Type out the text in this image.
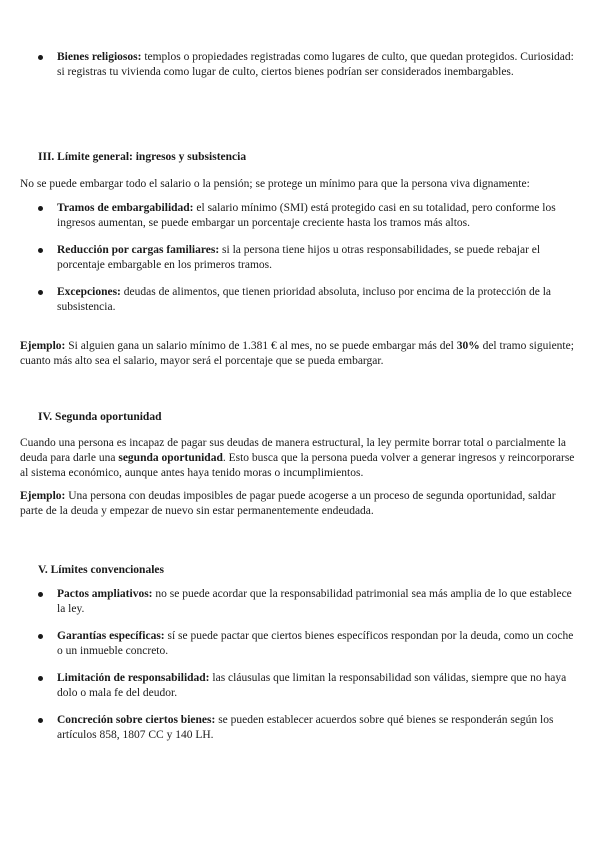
Bienes religiosos: templos o propiedades registradas como lugares de culto, que quedan protegidos. Curiosidad: si registras tu vivienda como lugar de culto, ciertos bienes podrían ser considerados inembargables.
III. Límite general: ingresos y subsistencia

No se puede embargar todo el salario o la pensión; se protege un mínimo para que la persona viva dignamente:

Tramos de embargabilidad: el salario mínimo (SMI) está protegido casi en su totalidad, pero conforme los ingresos aumentan, se puede embargar un porcentaje creciente hasta los tramos más altos.
Reducción por cargas familiares: si la persona tiene hijos u otras responsabilidades, se puede rebajar el porcentaje embargable en los primeros tramos.
Excepciones: deudas de alimentos, que tienen prioridad absoluta, incluso por encima de la protección de la subsistencia.

Ejemplo: Si alguien gana un salario mínimo de 1.381 € al mes, no se puede embargar más del 30% del tramo siguiente; cuanto más alto sea el salario, mayor será el porcentaje que se pueda embargar.

IV. Segunda oportunidad

Cuando una persona es incapaz de pagar sus deudas de manera estructural, la ley permite borrar total o parcialmente la deuda para darle una segunda oportunidad. Esto busca que la persona pueda volver a generar ingresos y reincorporarse al sistema económico, aunque antes haya tenido moras o incumplimientos.

Ejemplo: Una persona con deudas imposibles de pagar puede acogerse a un proceso de segunda oportunidad, saldar parte de la deuda y empezar de nuevo sin estar permanentemente endeudada.

V. Límites convencionales
Pactos ampliativos: no se puede acordar que la responsabilidad patrimonial sea más amplia de lo que establece la ley.
Garantías específicas: sí se puede pactar que ciertos bienes específicos respondan por la deuda, como un coche o un inmueble concreto.
Limitación de responsabilidad: las cláusulas que limitan la responsabilidad son válidas, siempre que no haya dolo o mala fe del deudor.
Concreción sobre ciertos bienes: se pueden establecer acuerdos sobre qué bienes se responderán según los artículos 858, 1807 CC y 140 LH.
